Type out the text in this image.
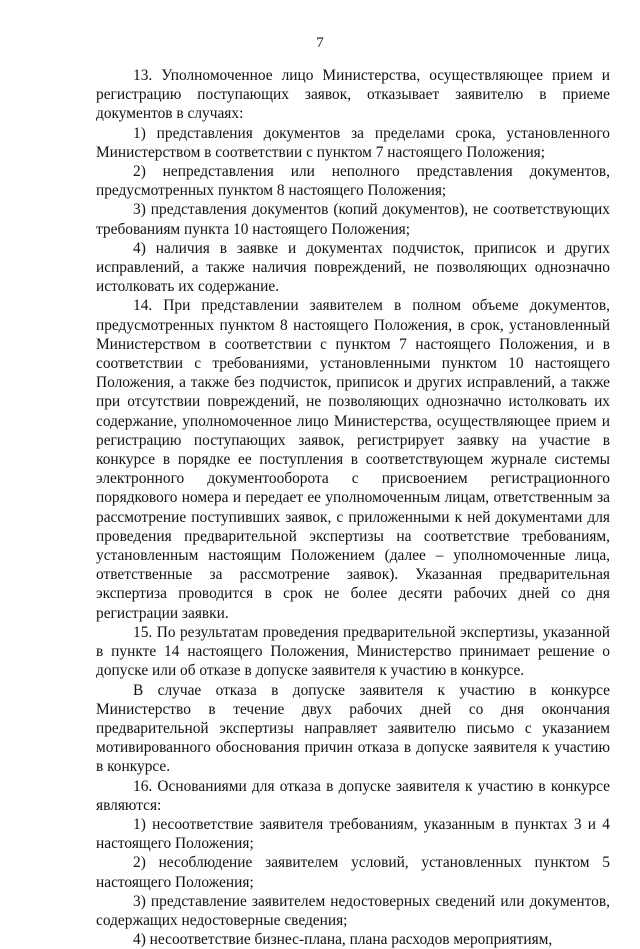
7

13. Уполномоченное лицо Министерства, осуществляющее прием и регистрацию поступающих заявок, отказывает заявителю в приеме документов в случаях:

1) представления документов за пределами срока, установленного Министерством в соответствии с пунктом 7 настоящего Положения;

2) непредставления или неполного представления документов, предусмотренных пунктом 8 настоящего Положения;

3) представления документов (копий документов), не соответствующих требованиям пункта 10 настоящего Положения;

4) наличия в заявке и документах подчисток, приписок и других исправлений, а также наличия повреждений, не позволяющих однозначно истолковать их содержание.

14. При представлении заявителем в полном объеме документов, предусмотренных пунктом 8 настоящего Положения, в срок, установленный Министерством в соответствии с пунктом 7 настоящего Положения, и в соответствии с требованиями, установленными пунктом 10 настоящего Положения, а также без подчисток, приписок и других исправлений, а также при отсутствии повреждений, не позволяющих однозначно истолковать их содержание, уполномоченное лицо Министерства, осуществляющее прием и регистрацию поступающих заявок, регистрирует заявку на участие в конкурсе в порядке ее поступления в соответствующем журнале системы электронного документооборота с присвоением регистрационного порядкового номера и передает ее уполномоченным лицам, ответственным за рассмотрение поступивших заявок, с приложенными к ней документами для проведения предварительной экспертизы на соответствие требованиям, установленным настоящим Положением (далее – уполномоченные лица, ответственные за рассмотрение заявок). Указанная предварительная экспертиза проводится в срок не более десяти рабочих дней со дня регистрации заявки.

15. По результатам проведения предварительной экспертизы, указанной в пункте 14 настоящего Положения, Министерство принимает решение о допуске или об отказе в допуске заявителя к участию в конкурсе.

В случае отказа в допуске заявителя к участию в конкурсе Министерство в течение двух рабочих дней со дня окончания предварительной экспертизы направляет заявителю письмо с указанием мотивированного обоснования причин отказа в допуске заявителя к участию в конкурсе.

16. Основаниями для отказа в допуске заявителя к участию в конкурсе являются:

1) несоответствие заявителя требованиям, указанным в пунктах 3 и 4 настоящего Положения;

2) несоблюдение заявителем условий, установленных пунктом 5 настоящего Положения;

3) представление заявителем недостоверных сведений или документов, содержащих недостоверные сведения;

4) несоответствие бизнес-плана, плана расходов мероприятиям,
